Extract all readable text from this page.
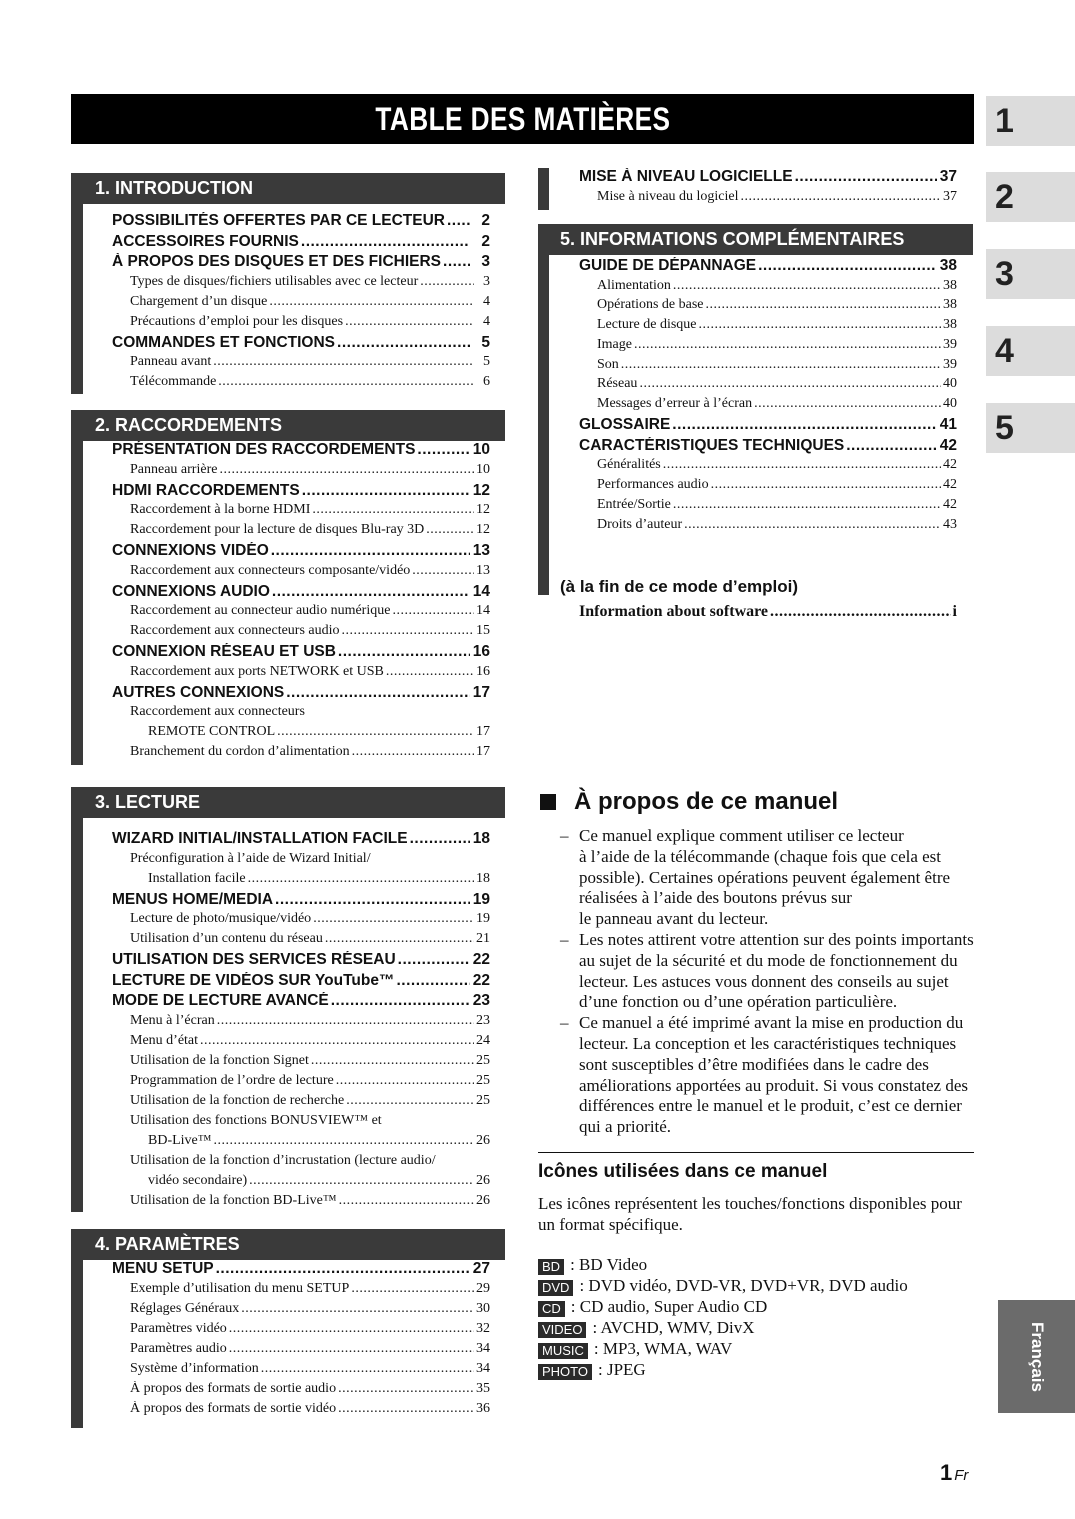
TABLE DES MATIÈRES	1
2
3
4
5
Français
1. INTRODUCTION
POSSIBILITÉS OFFERTES PAR CE LECTEUR .....	2
ACCESSOIRES FOURNIS .....	2
À PROPOS DES DISQUES ET DES FICHIERS .....	3
Types de disques/fichiers utilisables avec ce lecteur .....	3
Chargement d’un disque .....	4
Précautions d’emploi pour les disques .....	4
COMMANDES ET FONCTIONS .....	5
Panneau avant .....	5
Télécommande .....	6
2. RACCORDEMENTS
PRÉSENTATION DES RACCORDEMENTS .....	10
Panneau arrière .....	10
HDMI RACCORDEMENTS .....	12
Raccordement à la borne HDMI .....	12
Raccordement pour la lecture de disques Blu-ray 3D .....	12
CONNEXIONS VIDÉO .....	13
Raccordement aux connecteurs composante/vidéo .....	13
CONNEXIONS AUDIO .....	14
Raccordement au connecteur audio numérique .....	14
Raccordement aux connecteurs audio .....	15
CONNEXION RÉSEAU ET USB .....	16
Raccordement aux ports NETWORK et USB .....	16
AUTRES CONNEXIONS .....	17
Raccordement aux connecteurs
REMOTE CONTROL .....	17
Branchement du cordon d’alimentation .....	17
3. LECTURE
WIZARD INITIAL/INSTALLATION FACILE .....	18
Préconfiguration à l’aide de Wizard Initial/
Installation facile .....	18
MENUS HOME/MEDIA .....	19
Lecture de photo/musique/vidéo .....	19
Utilisation d’un contenu du réseau .....	21
UTILISATION DES SERVICES RÉSEAU .....	22
LECTURE DE VIDÉOS SUR YouTube™ .....	22
MODE DE LECTURE AVANCÉ .....	23
Menu à l’écran .....	23
Menu d’état .....	24
Utilisation de la fonction Signet .....	25
Programmation de l’ordre de lecture .....	25
Utilisation de la fonction de recherche .....	25
Utilisation des fonctions BONUSVIEW™ et
BD-Live™ .....	26
Utilisation de la fonction d’incrustation (lecture audio/
vidéo secondaire) .....	26
Utilisation de la fonction BD-Live™ .....	26
4. PARAMÈTRES
MENU SETUP .....	27
Exemple d’utilisation du menu SETUP .....	29
Réglages Généraux .....	30
Paramètres vidéo .....	32
Paramètres audio .....	34
Système d’information .....	34
À propos des formats de sortie audio .....	35
À propos des formats de sortie vidéo .....	36
MISE À NIVEAU LOGICIELLE .....	37
Mise à niveau du logiciel .....	37
5. INFORMATIONS COMPLÉMENTAIRES
GUIDE DE DÉPANNAGE .....	38
Alimentation .....	38
Opérations de base .....	38
Lecture de disque .....	38
Image .....	39
Son .....	39
Réseau .....	40
Messages d’erreur à l’écran .....	40
GLOSSAIRE .....	41
CARACTÉRISTIQUES TECHNIQUES .....	42
Généralités .....	42
Performances audio .....	42
Entrée/Sortie .....	42
Droits d’auteur .....	43
(à la fin de ce mode d’emploi)
Information about software .....	i
À propos de ce manuel
– Ce manuel explique comment utiliser ce lecteur
à l’aide de la télécommande (chaque fois que cela est possible). Certaines opérations peuvent également être réalisées à l’aide des boutons prévus sur
le panneau avant du lecteur.
– Les notes attirent votre attention sur des points importants au sujet de la sécurité et du mode de fonctionnement du lecteur. Les astuces vous donnent des conseils au sujet d’une fonction ou d’une opération particulière.
– Ce manuel a été imprimé avant la mise en production du lecteur. La conception et les caractéristiques techniques sont susceptibles d’être modifiées dans le cadre des améliorations apportées au produit. Si vous constatez des différences entre le manuel et le produit, c’est ce dernier qui a priorité.
Icônes utilisées dans ce manuel
Les icônes représentent les touches/fonctions disponibles pour un format spécifique.
BD : BD Video
DVD : DVD vidéo, DVD-VR, DVD+VR, DVD audio
CD : CD audio, Super Audio CD
VIDEO : AVCHD, WMV, DivX
MUSIC : MP3, WMA, WAV
PHOTO : JPEG
1 Fr
